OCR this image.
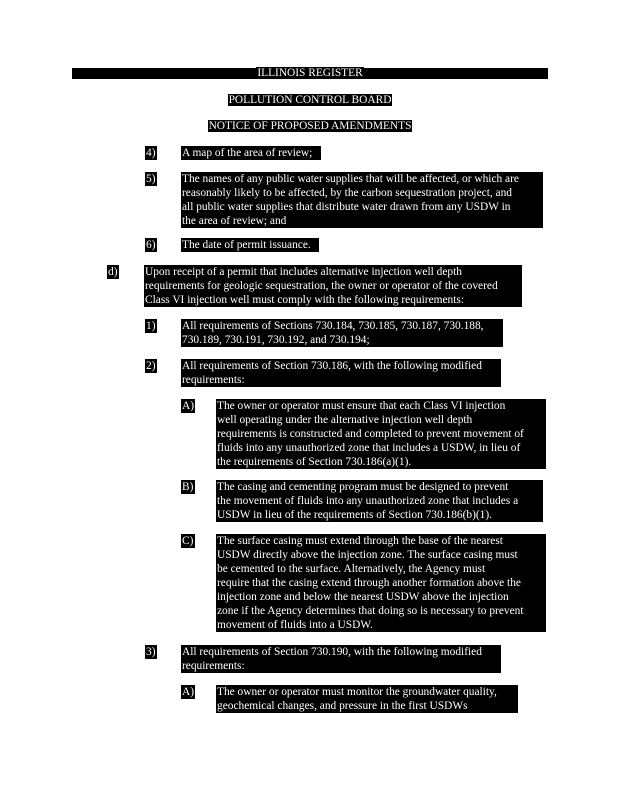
ILLINOIS REGISTER
POLLUTION CONTROL BOARD
NOTICE OF PROPOSED AMENDMENTS
4) A map of the area of review;
5) The names of any public water supplies that will be affected, or which are
reasonably likely to be affected, by the carbon sequestration project, and
all public water supplies that distribute water drawn from any USDW in
the area of review; and
6) The date of permit issuance.
d) Upon receipt of a permit that includes alternative injection well depth
requirements for geologic sequestration, the owner or operator of the covered
Class VI injection well must comply with the following requirements:
1) All requirements of Sections 730.184, 730.185, 730.187, 730.188,
730.189, 730.191, 730.192, and 730.194;
2) All requirements of Section 730.186, with the following modified
requirements:
A) The owner or operator must ensure that each Class VI injection
well operating under the alternative injection well depth
requirements is constructed and completed to prevent movement of
fluids into any unauthorized zone that includes a USDW, in lieu of
the requirements of Section 730.186(a)(1).
B) The casing and cementing program must be designed to prevent
the movement of fluids into any unauthorized zone that includes a
USDW in lieu of the requirements of Section 730.186(b)(1).
C) The surface casing must extend through the base of the nearest
USDW directly above the injection zone. The surface casing must
be cemented to the surface. Alternatively, the Agency must
require that the casing extend through another formation above the
injection zone and below the nearest USDW above the injection
zone if the Agency determines that doing so is necessary to prevent
movement of fluids into a USDW.
3) All requirements of Section 730.190, with the following modified
requirements:
A) The owner or operator must monitor the groundwater quality,
geochemical changes, and pressure in the first USDWs
